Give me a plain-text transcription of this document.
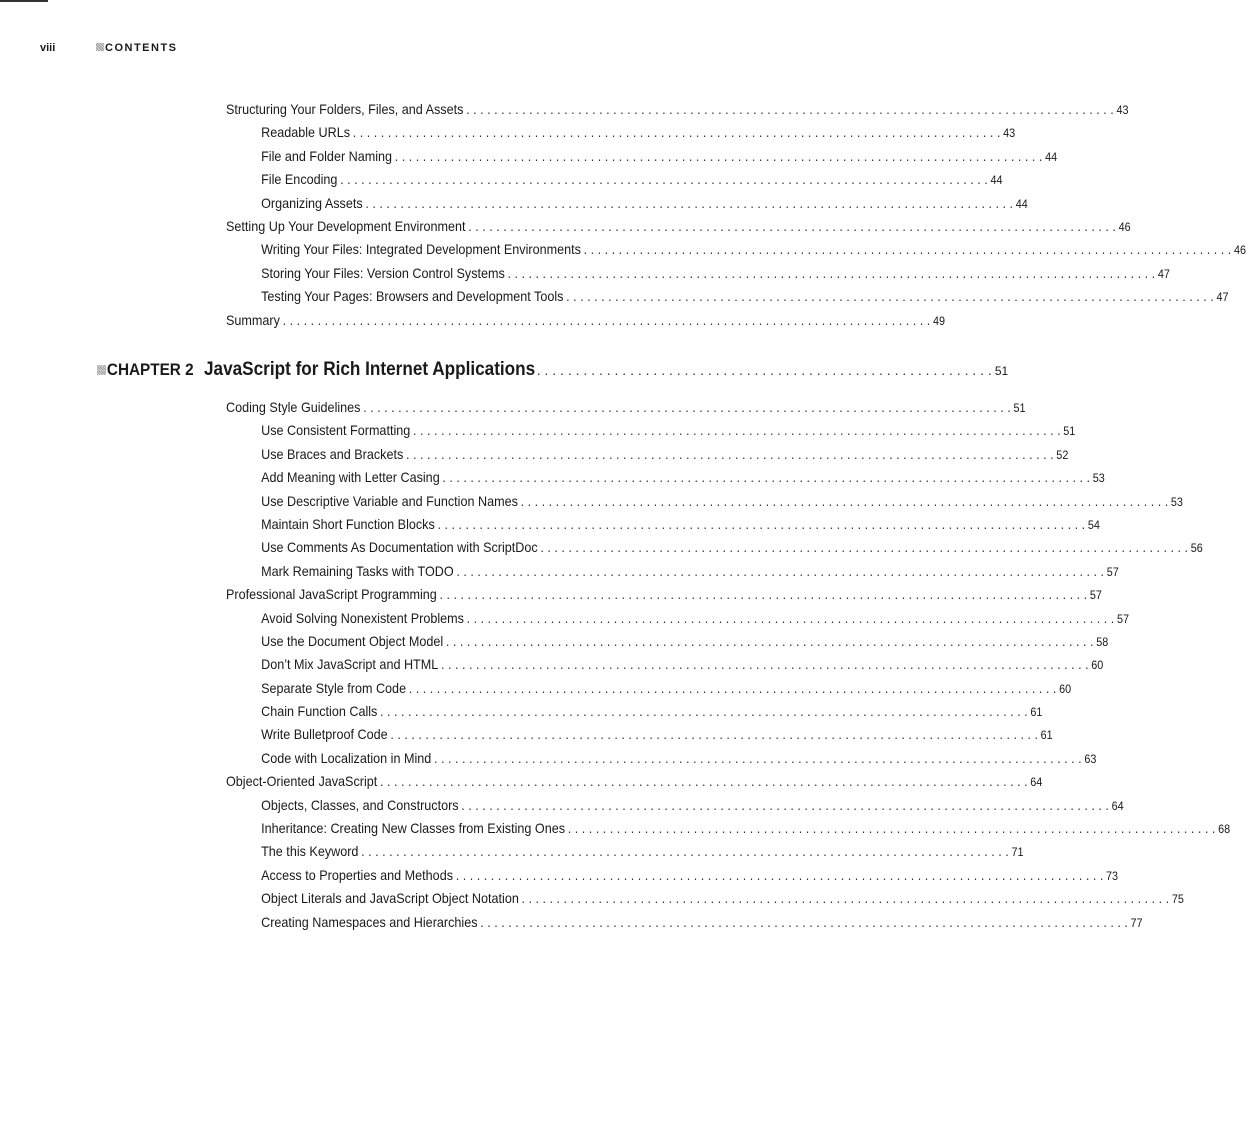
viii	CONTENTS
Structuring Your Folders, Files, and Assets . . .	43
Readable URLs . . .	43
File and Folder Naming . . .	44
File Encoding . . .	44
Organizing Assets . . .	44
Setting Up Your Development Environment . . .	46
Writing Your Files: Integrated Development Environments . . .	46
Storing Your Files: Version Control Systems . . .	47
Testing Your Pages: Browsers and Development Tools . . .	47
Summary . . .	49
CHAPTER 2 JavaScript for Rich Internet Applications . . .	51
Coding Style Guidelines . . .	51
Use Consistent Formatting . . .	51
Use Braces and Brackets . . .	52
Add Meaning with Letter Casing . . .	53
Use Descriptive Variable and Function Names . . .	53
Maintain Short Function Blocks . . .	54
Use Comments As Documentation with ScriptDoc . . .	56
Mark Remaining Tasks with TODO . . .	57
Professional JavaScript Programming . . .	57
Avoid Solving Nonexistent Problems . . .	57
Use the Document Object Model . . .	58
Don’t Mix JavaScript and HTML . . .	60
Separate Style from Code . . .	60
Chain Function Calls . . .	61
Write Bulletproof Code . . .	61
Code with Localization in Mind . . .	63
Object-Oriented JavaScript . . .	64
Objects, Classes, and Constructors . . .	64
Inheritance: Creating New Classes from Existing Ones . . .	68
The this Keyword . . .	71
Access to Properties and Methods . . .	73
Object Literals and JavaScript Object Notation . . .	75
Creating Namespaces and Hierarchies . . .	77
